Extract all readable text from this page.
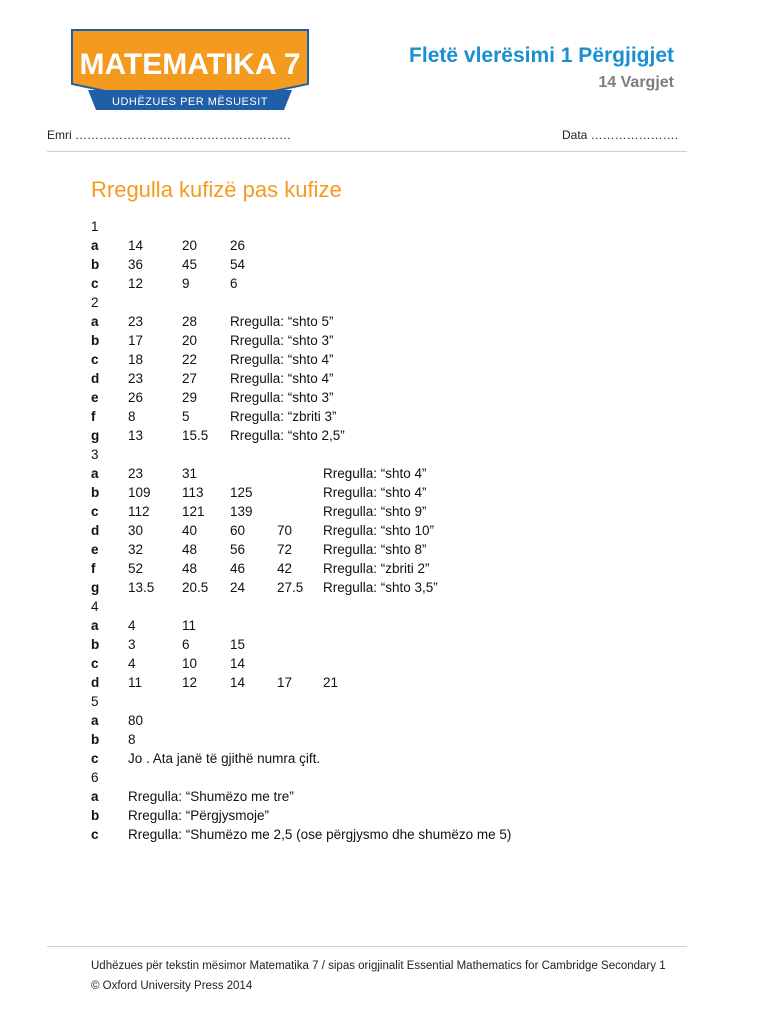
MATEMATIKA 7
UDHËZUES PER MËSUESIT
Fletë vlerësimi 1 Përgjigjet
14 Vargjet
Emri ………………………………………………	Data ………………….
Rregulla kufizë pas kufize
1
a 14	20 26
b 36	45 54
c 12	9	6
2
a 23	28 Rregulla: “shto 5”
b 17	20 Rregulla: “shto 3”
c 18	22 Rregulla: “shto 4”
d 23	27 Rregulla: “shto 4”
e 26	29 Rregulla: “shto 3”
f 8	5	Rregulla: “zbriti 3”
g 13	15.5 Rregulla: “shto 2,5”
3
a 23	31	Rregulla: “shto 4”
b 109 113 125	Rregulla: “shto 4”
c 112 121 139	Rregulla: “shto 9”
d 30	40 60 70 Rregulla: “shto 10”
e 32	48 56 72 Rregulla: “shto 8”
f 52	48 46 42 Rregulla: “zbriti 2”
g 13.5 20.5 24 27.5 Rregulla: “shto 3,5”
4
a 4	11
b 3	6	15
c 4	10 14
d 11	12 14 17 21
5
a 80
b 8
c Jo . Ata janë të gjithë numra çift.
6
a Rregulla: “Shumëzo me tre”
b Rregulla: “Përgjysmoje”
c Rregulla: “Shumëzo me 2,5 (ose përgjysmo dhe shumëzo me 5)
Udhëzues për tekstin mësimor Matematika 7 / sipas origjinalit Essential Mathematics for Cambridge Secondary 1
© Oxford University Press 2014
